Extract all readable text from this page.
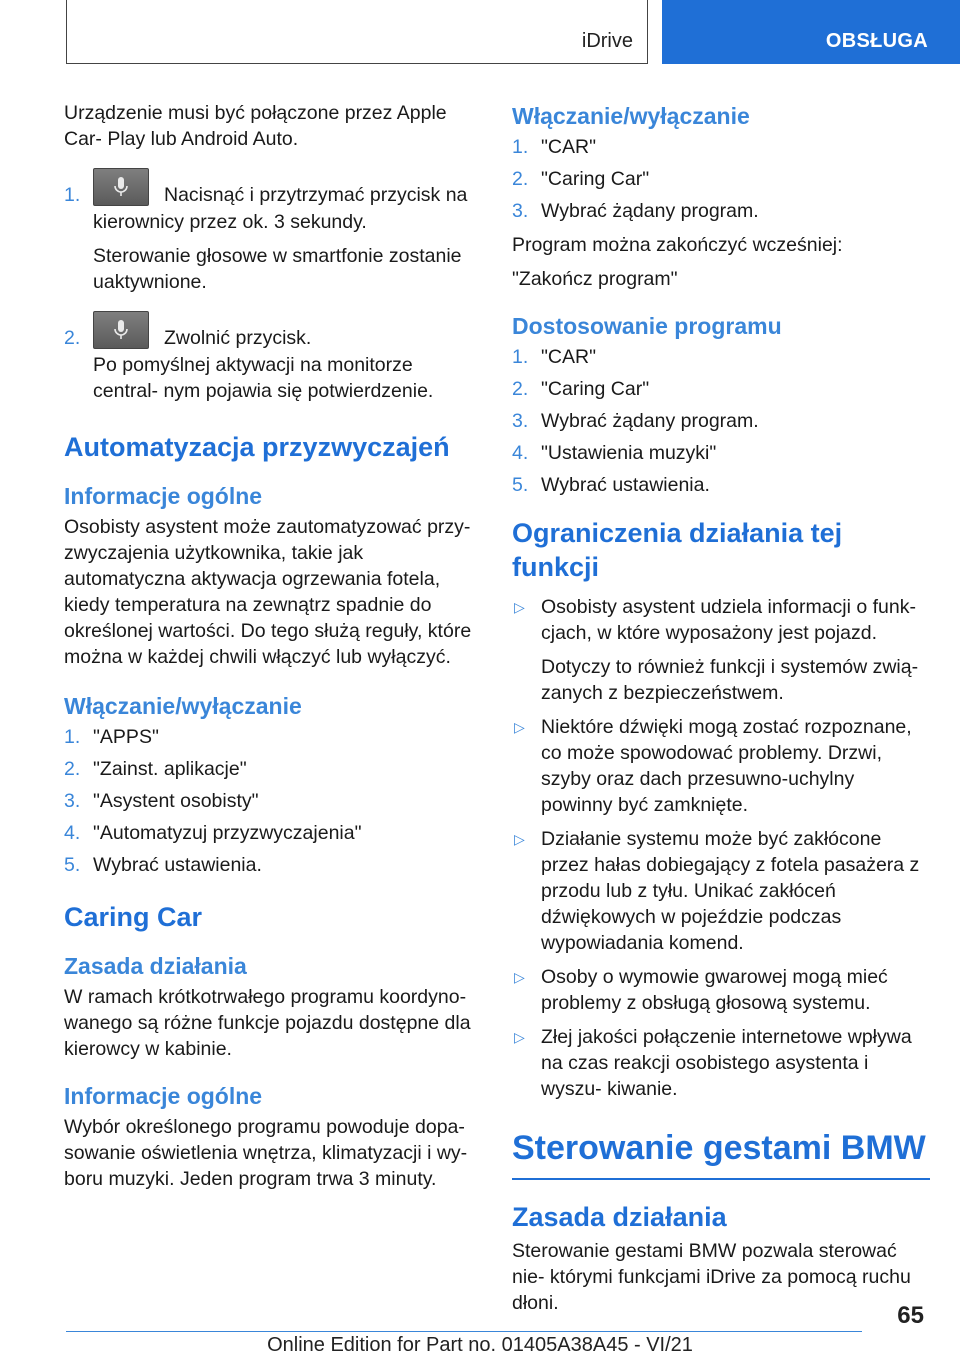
iDrive	OBSŁUGA

Urządzenie musi być połączone przez Apple Car‐ Play lub Android Auto.

1.	Nacisnąć i przytrzymać przycisk na

kierownicy przez ok. 3 sekundy.

Sterowanie głosowe w smartfonie zostanie uaktywnione.

2.	Zwolnić przycisk.

Po pomyślnej aktywacji na monitorze central‐ nym pojawia się potwierdzenie.

Automatyzacja przyzwyczajeń
Informacje ogólne

Osobisty asystent może zautomatyzować przy‐ zwyczajenia użytkownika, takie jak automatyczna aktywacja ogrzewania fotela, kiedy temperatura na zewnątrz spadnie do określonej wartości. Do tego służą reguły, które można w każdej chwili włączyć lub wyłączyć.

Włączanie/wyłączanie
1. "APPS"
2. "Zainst. aplikacje"
3. "Asystent osobisty"
4. "Automatyzuj przyzwyczajenia"
5. Wybrać ustawienia.
Caring Car
Zasada działania

W ramach krótkotrwałego programu koordyno‐ wanego są różne funkcje pojazdu dostępne dla kierowcy w kabinie.

Informacje ogólne

Wybór określonego programu powoduje dopa‐ sowanie oświetlenia wnętrza, klimatyzacji i wy‐ boru muzyki. Jeden program trwa 3 minuty.

Włączanie/wyłączanie
1. "CAR"
2. "Caring Car"
3. Wybrać żądany program.

Program można zakończyć wcześniej:

"Zakończ program"

Dostosowanie programu
1. "CAR"
2. "Caring Car"
3. Wybrać żądany program.
4. "Ustawienia muzyki"
5. Wybrać ustawienia.
Ograniczenia działania tej funkcji
▷ Osobisty asystent udziela informacji o funk‐ cjach, w które wyposażony jest pojazd.
Dotyczy to również funkcji i systemów zwią‐ zanych z bezpieczeństwem.
▷ Niektóre dźwięki mogą zostać rozpoznane, co może spowodować problemy. Drzwi, szyby oraz dach przesuwno-uchylny powinny być zamknięte.
▷ Działanie systemu może być zakłócone przez hałas dobiegający z fotela pasażera z przodu lub z tyłu. Unikać zakłóceń dźwiękowych w pojeździe podczas wypowiadania komend.
▷ Osoby o wymowie gwarowej mogą mieć problemy z obsługą głosową systemu.
▷ Złej jakości połączenie internetowe wpływa na czas reakcji osobistego asystenta i wyszu‐ kiwanie.
Sterowanie gestami BMW
Zasada działania

Sterowanie gestami BMW pozwala sterować nie‐ którymi funkcjami iDrive za pomocą ruchu dłoni.	65
Online Edition for Part no. 01405A38A45 - VI/21
